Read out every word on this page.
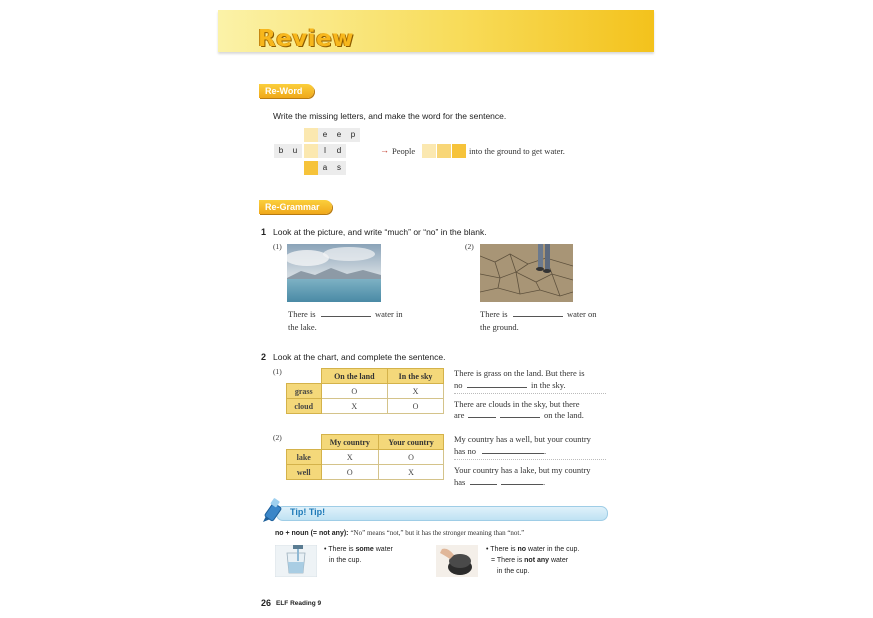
Review
Re-Word
Write the missing letters, and make the word for the sentence.
e	e	p
b	u	l	d
a	s
→ People	into the ground to get water.
Re-Grammar
1 Look at the picture, and write “much” or “no” in the blank.
(1)
There is	water in
the lake.
(2)
There is	water on
the ground.
2 Look at the chart, and complete the sentence.
(1)
		On the land	In the sky
grass	O	X
cloud	X	O
There is grass on the land. But there is
no	in the sky.
There are clouds in the sky, but there
are	on the land.
(2)
		My country	Your country
lake	X	O
well	O	X
My country has a well, but your country
has no	.
Your country has a lake, but my country
has	.
Tip! Tip!
no + noun (= not any): “No” means “not,” but it has the stronger meaning than “not.”
• There is some water
in the cup.
• There is no water in the cup.
= There is not any water
in the cup.
26 ELF Reading 9
